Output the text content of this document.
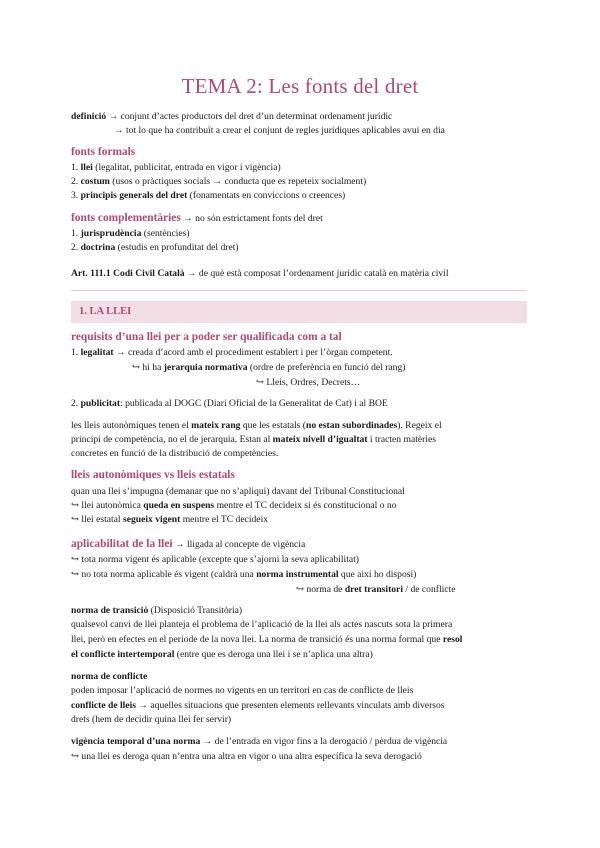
TEMA 2: Les fonts del dret
definició → conjunt d’actes productors del dret d’un determinat ordenament jurídic
→ tot lo que ha contribuït a crear el conjunt de regles jurídiques aplicables avui en dia
fonts formals
1. llei (legalitat, publicitat, entrada en vigor i vigència)
2. costum (usos o pràctiques socials → conducta que es repeteix socialment)
3. principis generals del dret (fonamentats en conviccions o creences)
fonts complementàries → no són estrictament fonts del dret
1. jurisprudència (sentències)
2. doctrina (estudis en profunditat del dret)
Art. 111.1 Codi Civil Català → de què està composat l’ordenament jurídic català en matèria civil
1. LA LLEI
requisits d’una llei per a poder ser qualificada com a tal
1. legalitat → creada d’acord amb el procediment establert i per l’òrgan competent.
↪ hi ha jerarquia normativa (ordre de preferència en funció del rang)
↪ Lleis, Ordres, Decrets…
2. publicitat: publicada al DOGC (Diari Oficial de la Generalitat de Cat) i al BOE
les lleis autonòmiques tenen el mateix rang que les estatals (no estan subordinades). Regeix el
principi de competència, no el de jerarquia. Estan al mateix nivell d’igualtat i tracten matèries
concretes en funció de la distribució de competències.
lleis autonòmiques vs lleis estatals
quan una llei s’impugna (demanar que no s’apliqui) davant del Tribunal Constitucional
↪ llei autonòmica queda en suspens mentre el TC decideix si és constitucional o no
↪ llei estatal segueix vigent mentre el TC decideix
aplicabilitat de la llei → lligada al concepte de vigència
↪ tota norma vigent és aplicable (excepte que s’ajorni la seva aplicabilitat)
↪ no tota norma aplicable és vigent (caldrà una norma instrumental que així ho disposi)
↪ norma de dret transitori / de conflicte
norma de transició (Disposició Transitòria)
qualsevol canvi de llei planteja el problema de l’aplicació de la llei als actes nascuts sota la primera
llei, però en efectes en el període de la nova llei. La norma de transició és una norma formal que resol
el conflicte intertemporal (entre que es deroga una llei i se n’aplica una altra)
norma de conflicte
poden imposar l’aplicació de normes no vigents en un territori en cas de conflicte de lleis
conflicte de lleis → aquelles situacions que presenten elements rellevants vinculats amb diversos
drets (hem de decidir quina llei fer servir)
vigència temporal d’una norma → de l’entrada en vigor fins a la derogació / pèrdua de vigència
↪ una llei es deroga quan n’entra una altra en vigor o una altra específica la seva derogació
